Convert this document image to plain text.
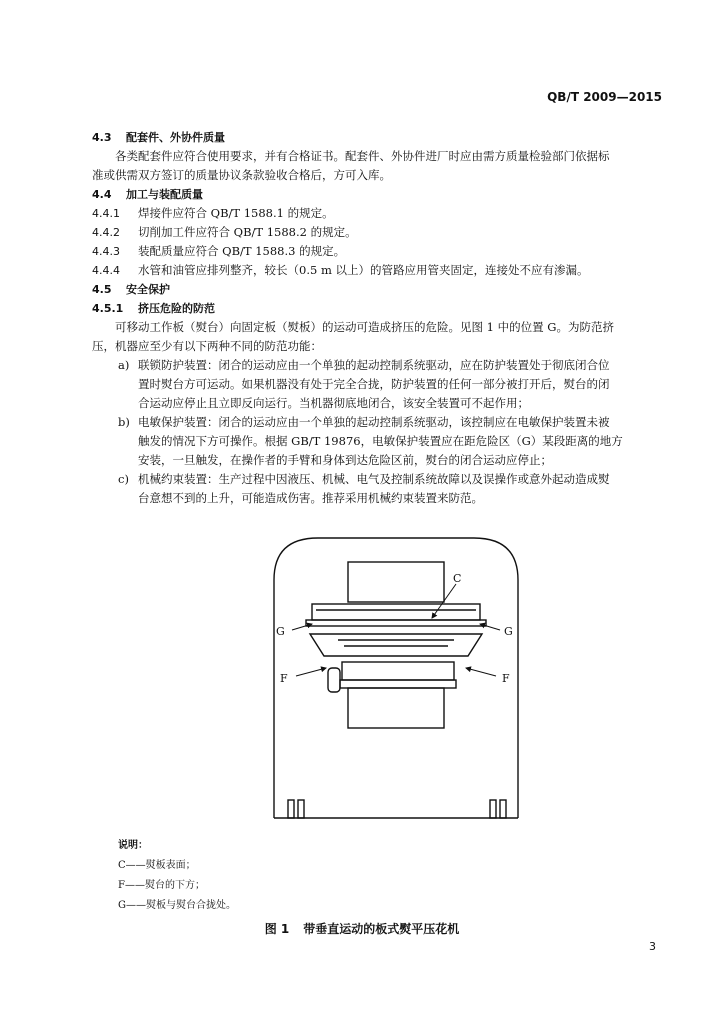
QB/T 2009—2015
4.3 配套件、外协件质量
各类配套件应符合使用要求，并有合格证书。配套件、外协件进厂时应由需方质量检验部门依据标
准或供需双方签订的质量协议条款验收合格后，方可入库。
4.4 加工与装配质量
4.4.1 焊接件应符合 QB/T 1588.1 的规定。
4.4.2 切削加工件应符合 QB/T 1588.2 的规定。
4.4.3 装配质量应符合 QB/T 1588.3 的规定。
4.4.4 水管和油管应排列整齐，较长（0.5 m 以上）的管路应用管夹固定，连接处不应有渗漏。
4.5 安全保护
4.5.1 挤压危险的防范
可移动工作板（熨台）向固定板（熨板）的运动可造成挤压的危险。见图 1 中的位置 G。为防范挤
压，机器应至少有以下两种不同的防范功能：
a) 联锁防护装置：闭合的运动应由一个单独的起动控制系统驱动，应在防护装置处于彻底闭合位
置时熨台方可运动。如果机器没有处于完全合拢，防护装置的任何一部分被打开后，熨台的闭
合运动应停止且立即反向运行。当机器彻底地闭合，该安全装置可不起作用；
b) 电敏保护装置：闭合的运动应由一个单独的起动控制系统驱动，该控制应在电敏保护装置未被
触发的情况下方可操作。根据 GB/T 19876，电敏保护装置应在距危险区（G）某段距离的地方
安装，一旦触发，在操作者的手臂和身体到达危险区前，熨台的闭合运动应停止；
c) 机械约束装置：生产过程中因液压、机械、电气及控制系统故障以及误操作或意外起动造成熨
台意想不到的上升，可能造成伤害。推荐采用机械约束装置来防范。
C
G	G
F	F
说明：
C——熨板表面；
F——熨台的下方；
G——熨板与熨台合拢处。
图 1 带垂直运动的板式熨平压花机
3
